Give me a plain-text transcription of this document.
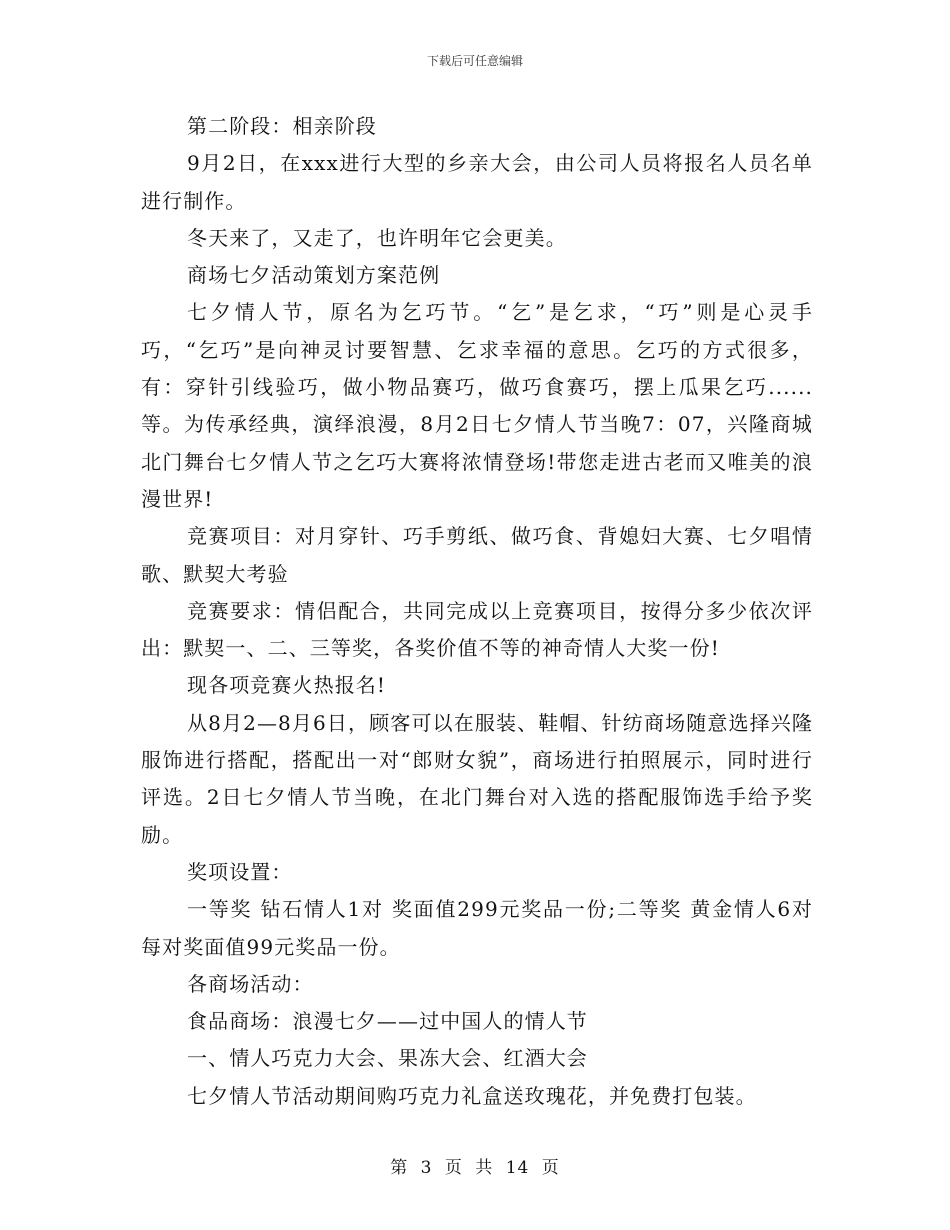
下载后可任意编辑

第二阶段：相亲阶段

9月2日，在xxx进行大型的乡亲大会，由公司人员将报名人员名单进行制作。

冬天来了，又走了，也许明年它会更美。

商场七夕活动策划方案范例

七夕情人节，原名为乞巧节。“乞”是乞求，“巧”则是心灵手巧，“乞巧”是向神灵讨要智慧、乞求幸福的意思。乞巧的方式很多，有：穿针引线验巧，做小物品赛巧，做巧食赛巧，摆上瓜果乞巧......等。为传承经典，演绎浪漫，8月2日七夕情人节当晚7：07，兴隆商城北门舞台七夕情人节之乞巧大赛将浓情登场!带您走进古老而又唯美的浪漫世界!

竞赛项目：对月穿针、巧手剪纸、做巧食、背媳妇大赛、七夕唱情歌、默契大考验

竞赛要求：情侣配合，共同完成以上竞赛项目，按得分多少依次评出：默契一、二、三等奖，各奖价值不等的神奇情人大奖一份!

现各项竞赛火热报名!

从8月2—8月6日，顾客可以在服装、鞋帽、针纺商场随意选择兴隆服饰进行搭配，搭配出一对“郎财女貌”，商场进行拍照展示，同时进行评选。2日七夕情人节当晚，在北门舞台对入选的搭配服饰选手给予奖励。

奖项设置：

一等奖 钻石情人1对 奖面值299元奖品一份;二等奖 黄金情人6对 每对奖面值99元奖品一份。

各商场活动：

食品商场：浪漫七夕——过中国人的情人节

一、情人巧克力大会、果冻大会、红酒大会

七夕情人节活动期间购巧克力礼盒送玫瑰花，并免费打包装。

第 3 页 共 14 页
